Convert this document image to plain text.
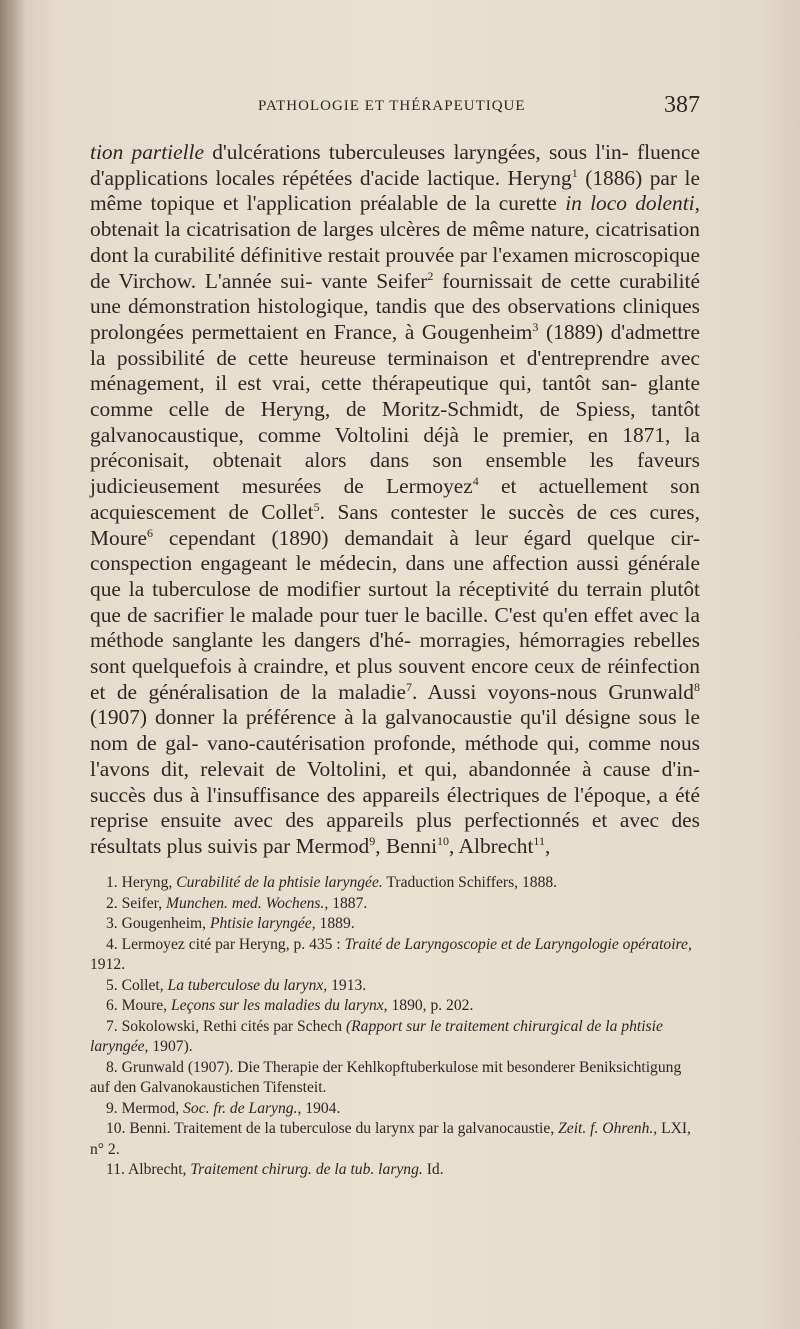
PATHOLOGIE ET THÉRAPEUTIQUE	387

tion partielle d'ulcérations tuberculeuses laryngées, sous l'in- fluence d'applications locales répétées d'acide lactique. Heryng$^1$ (1886) par le même topique et l'application préalable de la curette in loco dolenti, obtenait la cicatrisation de larges ulcères de même nature, cicatrisation dont la curabilité définitive restait prouvée par l'examen microscopique de Virchow. L'année sui- vante Seifer$^2$ fournissait de cette curabilité une démonstration histologique, tandis que des observations cliniques prolongées permettaient en France, à Gougenheim$^3$ (1889) d'admettre la possibilité de cette heureuse terminaison et d'entreprendre avec ménagement, il est vrai, cette thérapeutique qui, tantôt san- glante comme celle de Heryng, de Moritz-Schmidt, de Spiess, tantôt galvanocaustique, comme Voltolini déjà le premier, en 1871, la préconisait, obtenait alors dans son ensemble les faveurs judicieusement mesurées de Lermoyez$^4$ et actuellement son acquiescement de Collet$^5$. Sans contester le succès de ces cures, Moure$^6$ cependant (1890) demandait à leur égard quelque cir- conspection engageant le médecin, dans une affection aussi générale que la tuberculose de modifier surtout la réceptivité du terrain plutôt que de sacrifier le malade pour tuer le bacille. C'est qu'en effet avec la méthode sanglante les dangers d'hé- morragies, hémorragies rebelles sont quelquefois à craindre, et plus souvent encore ceux de réinfection et de généralisation de la maladie$^7$. Aussi voyons-nous Grunwald$^8$ (1907) donner la préférence à la galvanocaustie qu'il désigne sous le nom de gal- vano-cautérisation profonde, méthode qui, comme nous l'avons dit, relevait de Voltolini, et qui, abandonnée à cause d'in- succès dus à l'insuffisance des appareils électriques de l'époque, a été reprise ensuite avec des appareils plus perfectionnés et avec des résultats plus suivis par Mermod$^9$, Benni$^{10}$, Albrecht$^{11}$,

1. Heryng, Curabilité de la phtisie laryngée. Traduction Schiffers, 1888.
2. Seifer, Munchen. med. Wochens., 1887.
3. Gougenheim, Phtisie laryngée, 1889.
4. Lermoyez cité par Heryng, p. 435 : Traité de Laryngoscopie et de Laryngologie opératoire, 1912.
5. Collet, La tuberculose du larynx, 1913.
6. Moure, Leçons sur les maladies du larynx, 1890, p. 202.
7. Sokolowski, Rethi cités par Schech (Rapport sur le traitement chirurgical de la phtisie laryngée, 1907).
8. Grunwald (1907). Die Therapie der Kehlkopftuberkulose mit besonderer Beniksichtigung auf den Galvanokaustichen Tifensteit.
9. Mermod, Soc. fr. de Laryng., 1904.
10. Benni. Traitement de la tuberculose du larynx par la galvanocaustie, Zeit. f. Ohrenh., LXI, n° 2.
11. Albrecht, Traitement chirurg. de la tub. laryng. Id.
